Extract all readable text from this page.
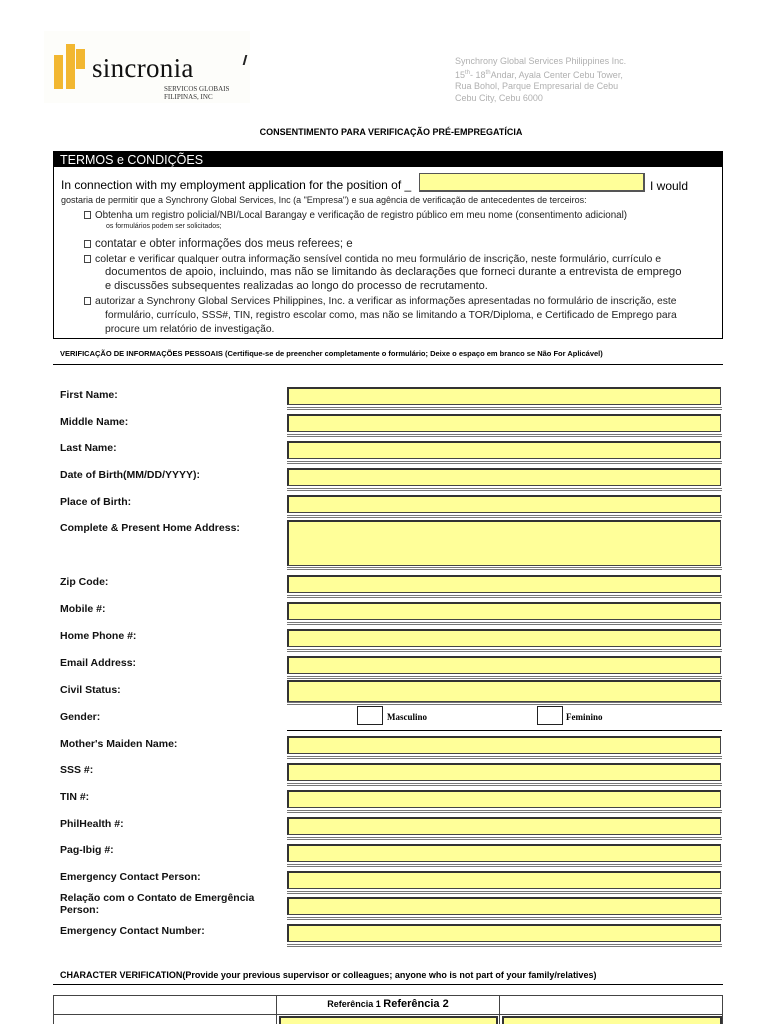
sincronia
SERVICOS GLOBAIS
FILIPINAS, INC
Synchrony Global Services Philippines Inc.
15th- 18thAndar, Ayala Center Cebu Tower,
Rua Bohol, Parque Empresarial de Cebu
Cebu City, Cebu 6000
CONSENTIMENTO PARA VERIFICAÇÃO PRÉ-EMPREGATÍCIA
TERMOS e CONDIÇÕES
In connection with my employment application for the position of _	I would
gostaria de permitir que a Synchrony Global Services, Inc (a "Empresa") e sua agência de verificação de antecedentes de terceiros:
Obtenha um registro policial/NBI/Local Barangay e verificação de registro público em meu nome (consentimento adicional)
os formulários podem ser solicitados;
contatar e obter informações dos meus referees; e
coletar e verificar qualquer outra informação sensível contida no meu formulário de inscrição, neste formulário, currículo e
documentos de apoio, incluindo, mas não se limitando às declarações que forneci durante a entrevista de emprego
e discussões subsequentes realizadas ao longo do processo de recrutamento.
autorizar a Synchrony Global Services Philippines, Inc. a verificar as informações apresentadas no formulário de inscrição, este
formulário, currículo, SSS#, TIN, registro escolar como, mas não se limitando a TOR/Diploma, e Certificado de Emprego para
procure um relatório de investigação.
VERIFICAÇÃO DE INFORMAÇÕES PESSOAIS (Certifique-se de preencher completamente o formulário; Deixe o espaço em branco se Não For Aplicável)
First Name:
Middle Name:
Last Name:
Date of Birth(MM/DD/YYYY):
Place of Birth:
Complete & Present Home Address:
Zip Code:
Mobile #:
Home Phone #:
Email Address:
Civil Status:
Gender:	Masculino	Feminino
Mother's Maiden Name:
SSS #:
TIN #:
PhilHealth #:
Pag-Ibig #:
Emergency Contact Person:
Relação com o Contato de Emergência
Person:
Emergency Contact Number:
CHARACTER VERIFICATION(Provide your previous supervisor or colleagues; anyone who is not part of your family/relatives)
Referência 1 Referência 2
